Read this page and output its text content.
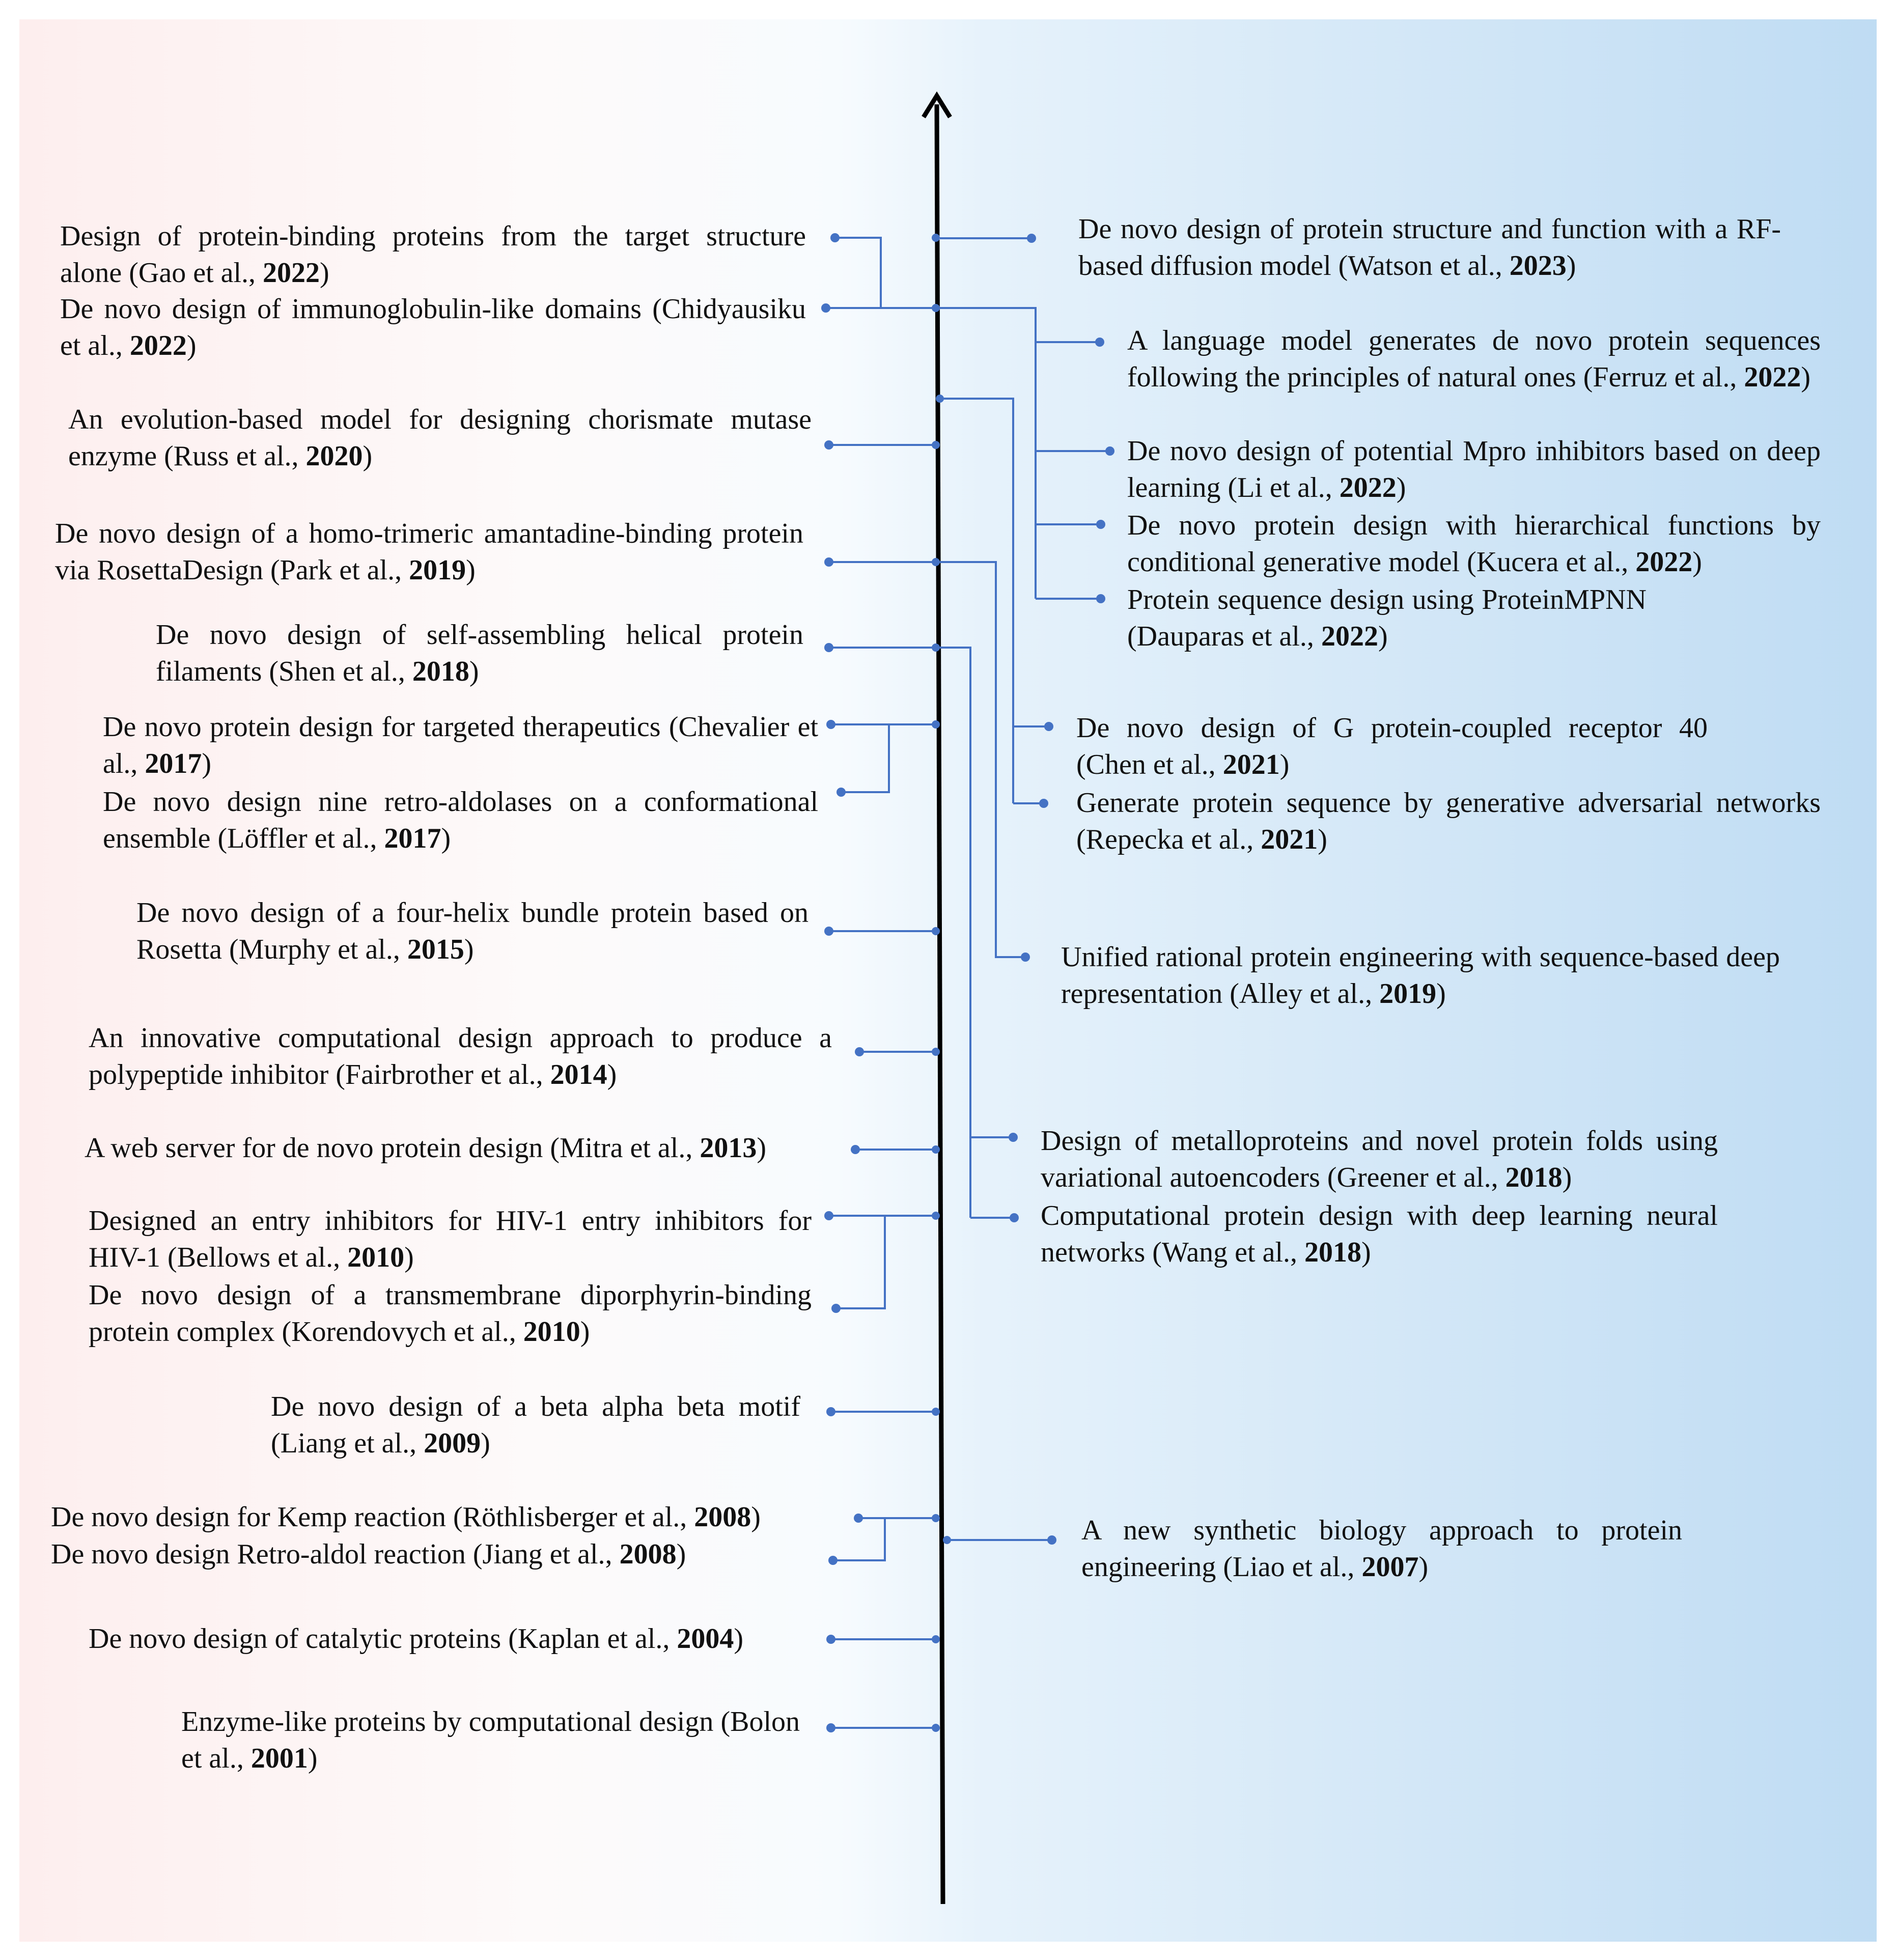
Design of protein-binding proteins from the target structure alone (Gao et al., 2022)
De novo design of immunoglobulin-like domains (Chidyausiku et al., 2022)
An evolution-based model for designing chorismate mutase enzyme (Russ et al., 2020)
De novo design of a homo-trimeric amantadine-binding protein via RosettaDesign (Park et al., 2019)
De novo design of self-assembling helical protein filaments (Shen et al., 2018)
De novo protein design for targeted therapeutics (Chevalier et al., 2017)
De novo design nine retro-aldolases on a conformational ensemble (Löffler et al., 2017)
De novo design of a four-helix bundle protein based on Rosetta (Murphy et al., 2015)
An innovative computational design approach to produce a polypeptide inhibitor (Fairbrother et al., 2014)
A web server for de novo protein design (Mitra et al., 2013)
Designed an entry inhibitors for HIV-1 entry inhibitors for HIV-1 (Bellows et al., 2010)
De novo design of a transmembrane diporphyrin-binding protein complex (Korendovych et al., 2010)
De novo design of a beta alpha beta motif (Liang et al., 2009)
De novo design for Kemp reaction (Röthlisberger et al., 2008)
De novo design Retro-aldol reaction (Jiang et al., 2008)
De novo design of catalytic proteins (Kaplan et al., 2004)
Enzyme-like proteins by computational design (Bolon et al., 2001)
De novo design of protein structure and function with a RF-based diffusion model (Watson et al., 2023)
A language model generates de novo protein sequences following the principles of natural ones (Ferruz et al., 2022)
De novo design of potential Mpro inhibitors based on deep learning (Li et al., 2022)
De novo protein design with hierarchical functions by conditional generative model (Kucera et al., 2022)
Protein sequence design using ProteinMPNN (Dauparas et al., 2022)
De novo design of G protein-coupled receptor 40 (Chen et al., 2021)
Generate protein sequence by generative adversarial networks (Repecka et al., 2021)
Unified rational protein engineering with sequence-based deep representation (Alley et al., 2019)
Design of metalloproteins and novel protein folds using variational autoencoders (Greener et al., 2018)
Computational protein design with deep learning neural networks (Wang et al., 2018)
A new synthetic biology approach to protein engineering (Liao et al., 2007)
